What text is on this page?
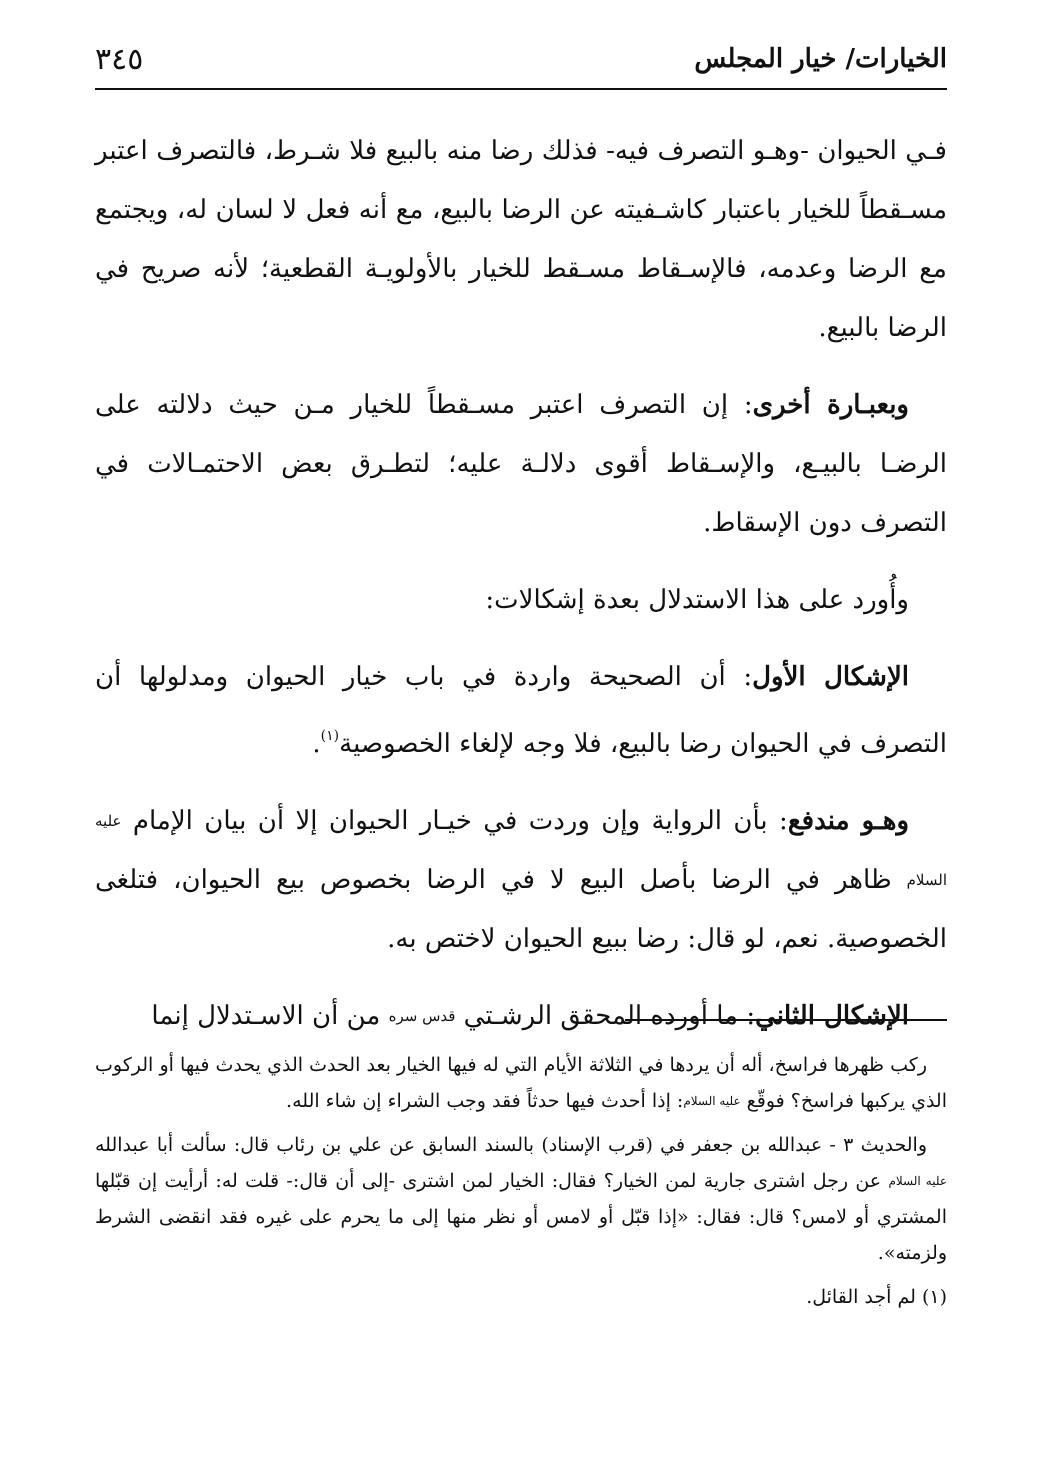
الخيارات/ خيار المجلس
٣٤٥

فـي الحيوان -وهـو التصرف فيه- فذلك رضا منه بالبيع فلا شـرط، فالتصرف اعتبر مسـقطاً للخيار باعتبار كاشـفيته عن الرضا بالبيع، مع أنه فعل لا لسان له، ويجتمع مع الرضا وعدمه، فالإسـقاط مسـقط للخيار بالأولويـة القطعية؛ لأنه صريح في الرضا بالبيع.

وبعبـارة أخرى: إن التصرف اعتبر مسـقطاً للخيار مـن حيث دلالته على الرضـا بالبيـع، والإسـقاط أقوى دلالـة عليه؛ لتطـرق بعض الاحتمـالات في التصرف دون الإسقاط.

وأُورد على هذا الاستدلال بعدة إشكالات:

الإشكال الأول: أن الصحيحة واردة في باب خيار الحيوان ومدلولها أن التصرف في الحيوان رضا بالبيع، فلا وجه لإلغاء الخصوصية$^{(١)}$.

وهـو مندفع: بأن الرواية وإن وردت في خيـار الحيوان إلا أن بيان الإمام عليه السلام ظاهر في الرضا بأصل البيع لا في الرضا بخصوص بيع الحيوان، فتلغى الخصوصية. نعم، لو قال: رضا ببيع الحيوان لاختص به.

الإشكال الثاني: ما أورده المحقق الرشـتي قدس سره من أن الاسـتدلال إنما

ركب ظهرها فراسخ، أله أن يردها في الثلاثة الأيام التي له فيها الخيار بعد الحدث الذي يحدث فيها أو الركوب الذي يركبها فراسخ؟ فوقّع عليه السلام: إذا أحدث فيها حدثاً فقد وجب الشراء إن شاء الله.

والحديث ٣ - عبدالله بن جعفر في (قرب الإسناد) بالسند السابق عن علي بن رئاب قال: سألت أبا عبدالله عليه السلام عن رجل اشترى جارية لمن الخيار؟ فقال: الخيار لمن اشترى -إلى أن قال:- قلت له: أرأيت إن قبّلها المشتري أو لامس؟ قال: فقال: «إذا قبّل أو لامس أو نظر منها إلى ما يحرم على غيره فقد انقضى الشرط ولزمته».

(١) لم أجد القائل.
